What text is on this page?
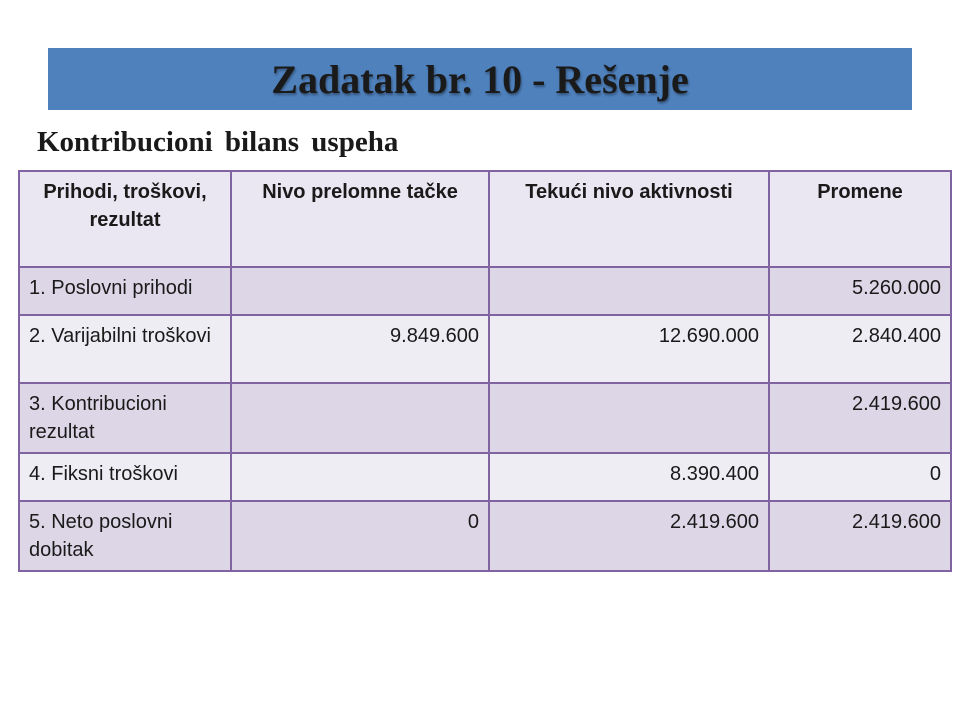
Zadatak br. 10 - Rešenje
Kontribucioni bilans uspeha
Prihodi, troškovi, rezultat	Nivo prelomne tačke	Tekući nivo aktivnosti	Promene
1. Poslovni prihodi			5.260.000
2. Varijabilni troškovi	9.849.600	12.690.000	2.840.400
3. Kontribucioni rezultat			2.419.600
4. Fiksni troškovi		8.390.400	0
5. Neto poslovni dobitak	0	2.419.600	2.419.600
